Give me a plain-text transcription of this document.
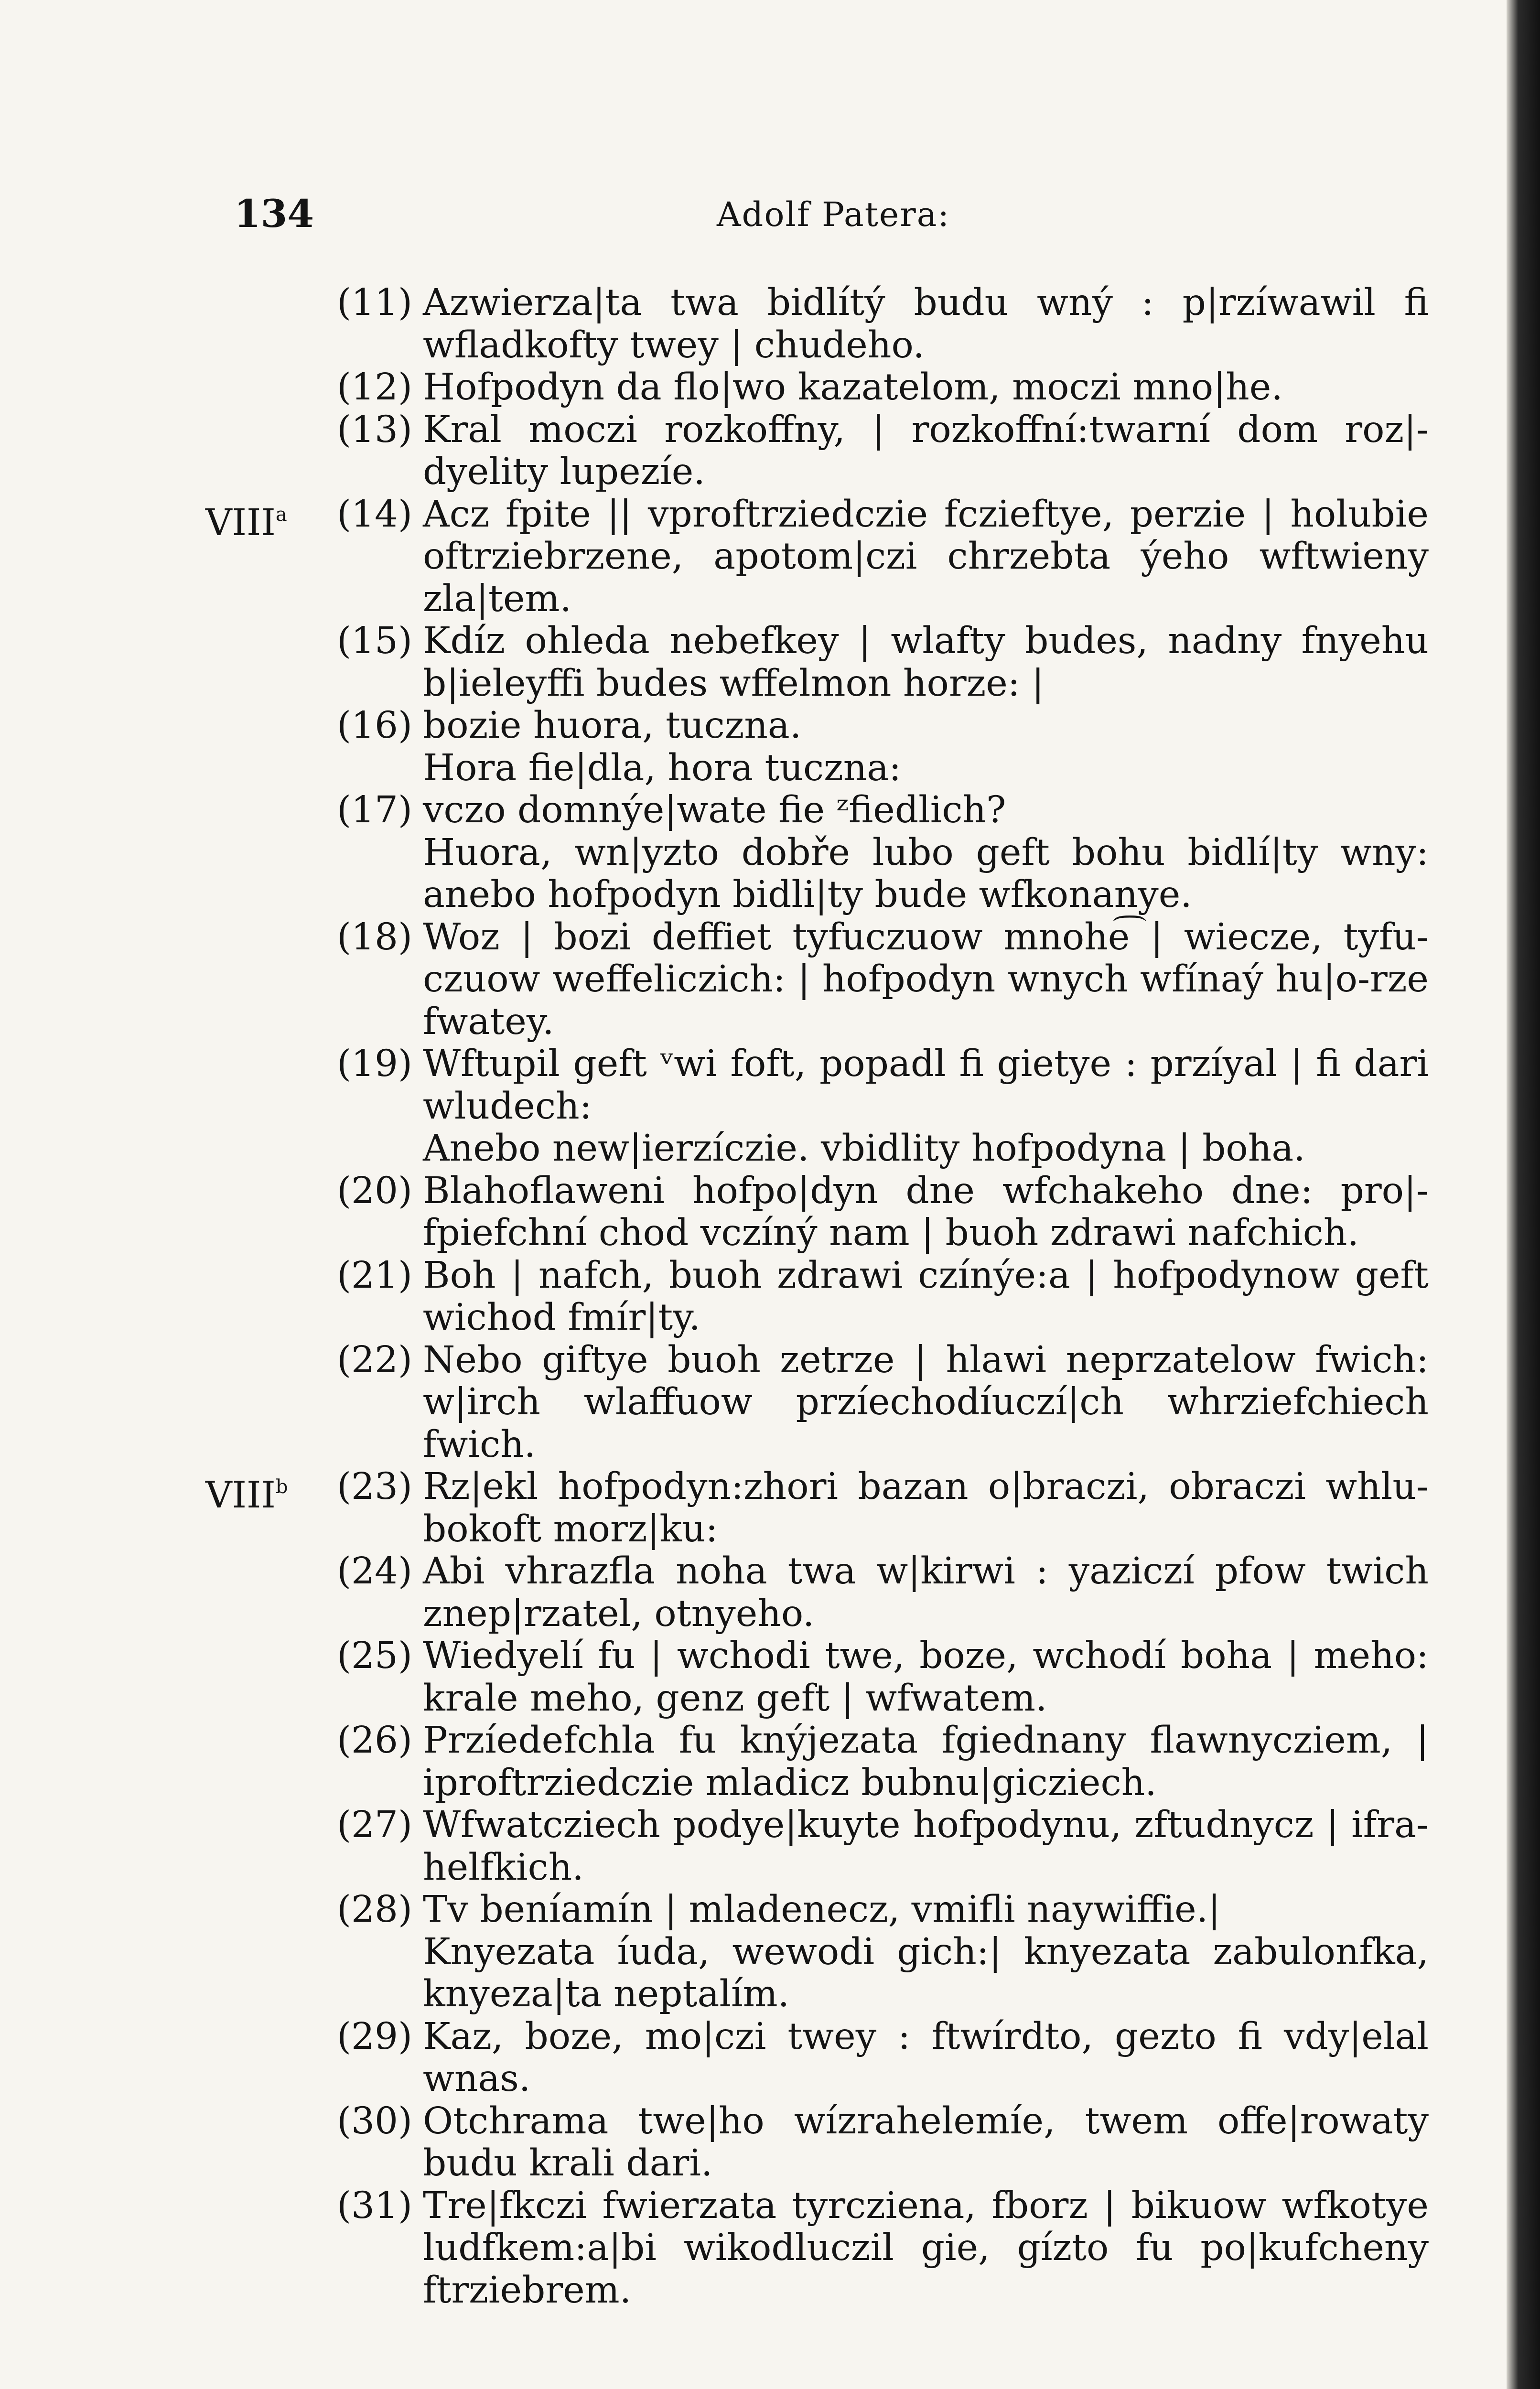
134	Adolf Patera:
(11) Azwierza|ta twa bidlítý budu wný : p|rzíwawil fi wfladkofty twey | chudeho.
(12) Hofpodyn da flo|wo kazatelom, moczi mno|he.
(13) Kral moczi rozkoffny, | rozkoffní:twarní dom roz|-dyelity lupezíe.
VIII$^a$ (14) Acz fpite || vproftrziedczie fczieftye, perzie | holubie oftrziebrzene, apotom|czi chrzebta ýeho wftwieny zla|tem.
(15) Kdíz ohleda nebefkey | wlafty budes, nadny fnyehu b|ieleyffi budes wffelmon horze: |
(16) bozie huora, tuczna.
Hora fie|dla, hora tuczna:
(17) vczo domnýe|wate fie ᶻfiedlich?
Huora, wn|yzto dobře lubo geft bohu bidlí|ty wny: anebo hofpodyn bidli|ty bude wfkonanye.
(18) Woz | bozi deffiet tyfuczuow mnohe͡ | wiecze, tyfu-czuow weffeliczich: | hofpodyn wnych wfínaý hu|o-rze fwatey.
(19) Wftupil geft ᵛwi foft, popadl fi gietye : przíyal | fi dari wludech:
Anebo new|ierzíczie. vbidlity hofpodyna | boha.
(20) Blahoflaweni hofpo|dyn dne wfchakeho dne: pro|-fpiefchní chod vczíný nam | buoh zdrawi nafchich.
(21) Boh | nafch, buoh zdrawi czínýe:a | hofpodynow geft wichod fmír|ty.
(22) Nebo giftye buoh zetrze | hlawi neprzatelow fwich: w|irch wlaffuow przíechodíuczí|ch whrziefchiech fwich.
VIII$^b$ (23) Rz|ekl hofpodyn:zhori bazan o|braczi, obraczi whlu-bokoft morz|ku:
(24) Abi vhrazfla noha twa w|kirwi : yaziczí pfow twich znep|rzatel, otnyeho.
(25) Wiedyelí fu | wchodi twe, boze, wchodí boha | meho: krale meho, genz geft | wfwatem.
(26) Przíedefchla fu knýjezata fgiednany flawnycziem, | iproftrziedczie mladicz bubnu|gicziech.
(27) Wfwatcziech podye|kuyte hofpodynu, zftudnycz | ifra-helfkich.
(28) Tv beníamín | mladenecz, vmifli naywiffie.|
Knyezata íuda, wewodi gich:| knyezata zabulonfka, knyeza|ta neptalím.
(29) Kaz, boze, mo|czi twey : ftwírdto, gezto fi vdy|elal wnas.
(30) Otchrama twe|ho wízrahelemíe, twem offe|rowaty budu krali dari.
(31) Tre|fkczi fwierzata tyrcziena, fborz | bikuow wfkotye ludfkem:a|bi wikodluczil gie, gízto fu po|kufcheny ftrziebrem.
